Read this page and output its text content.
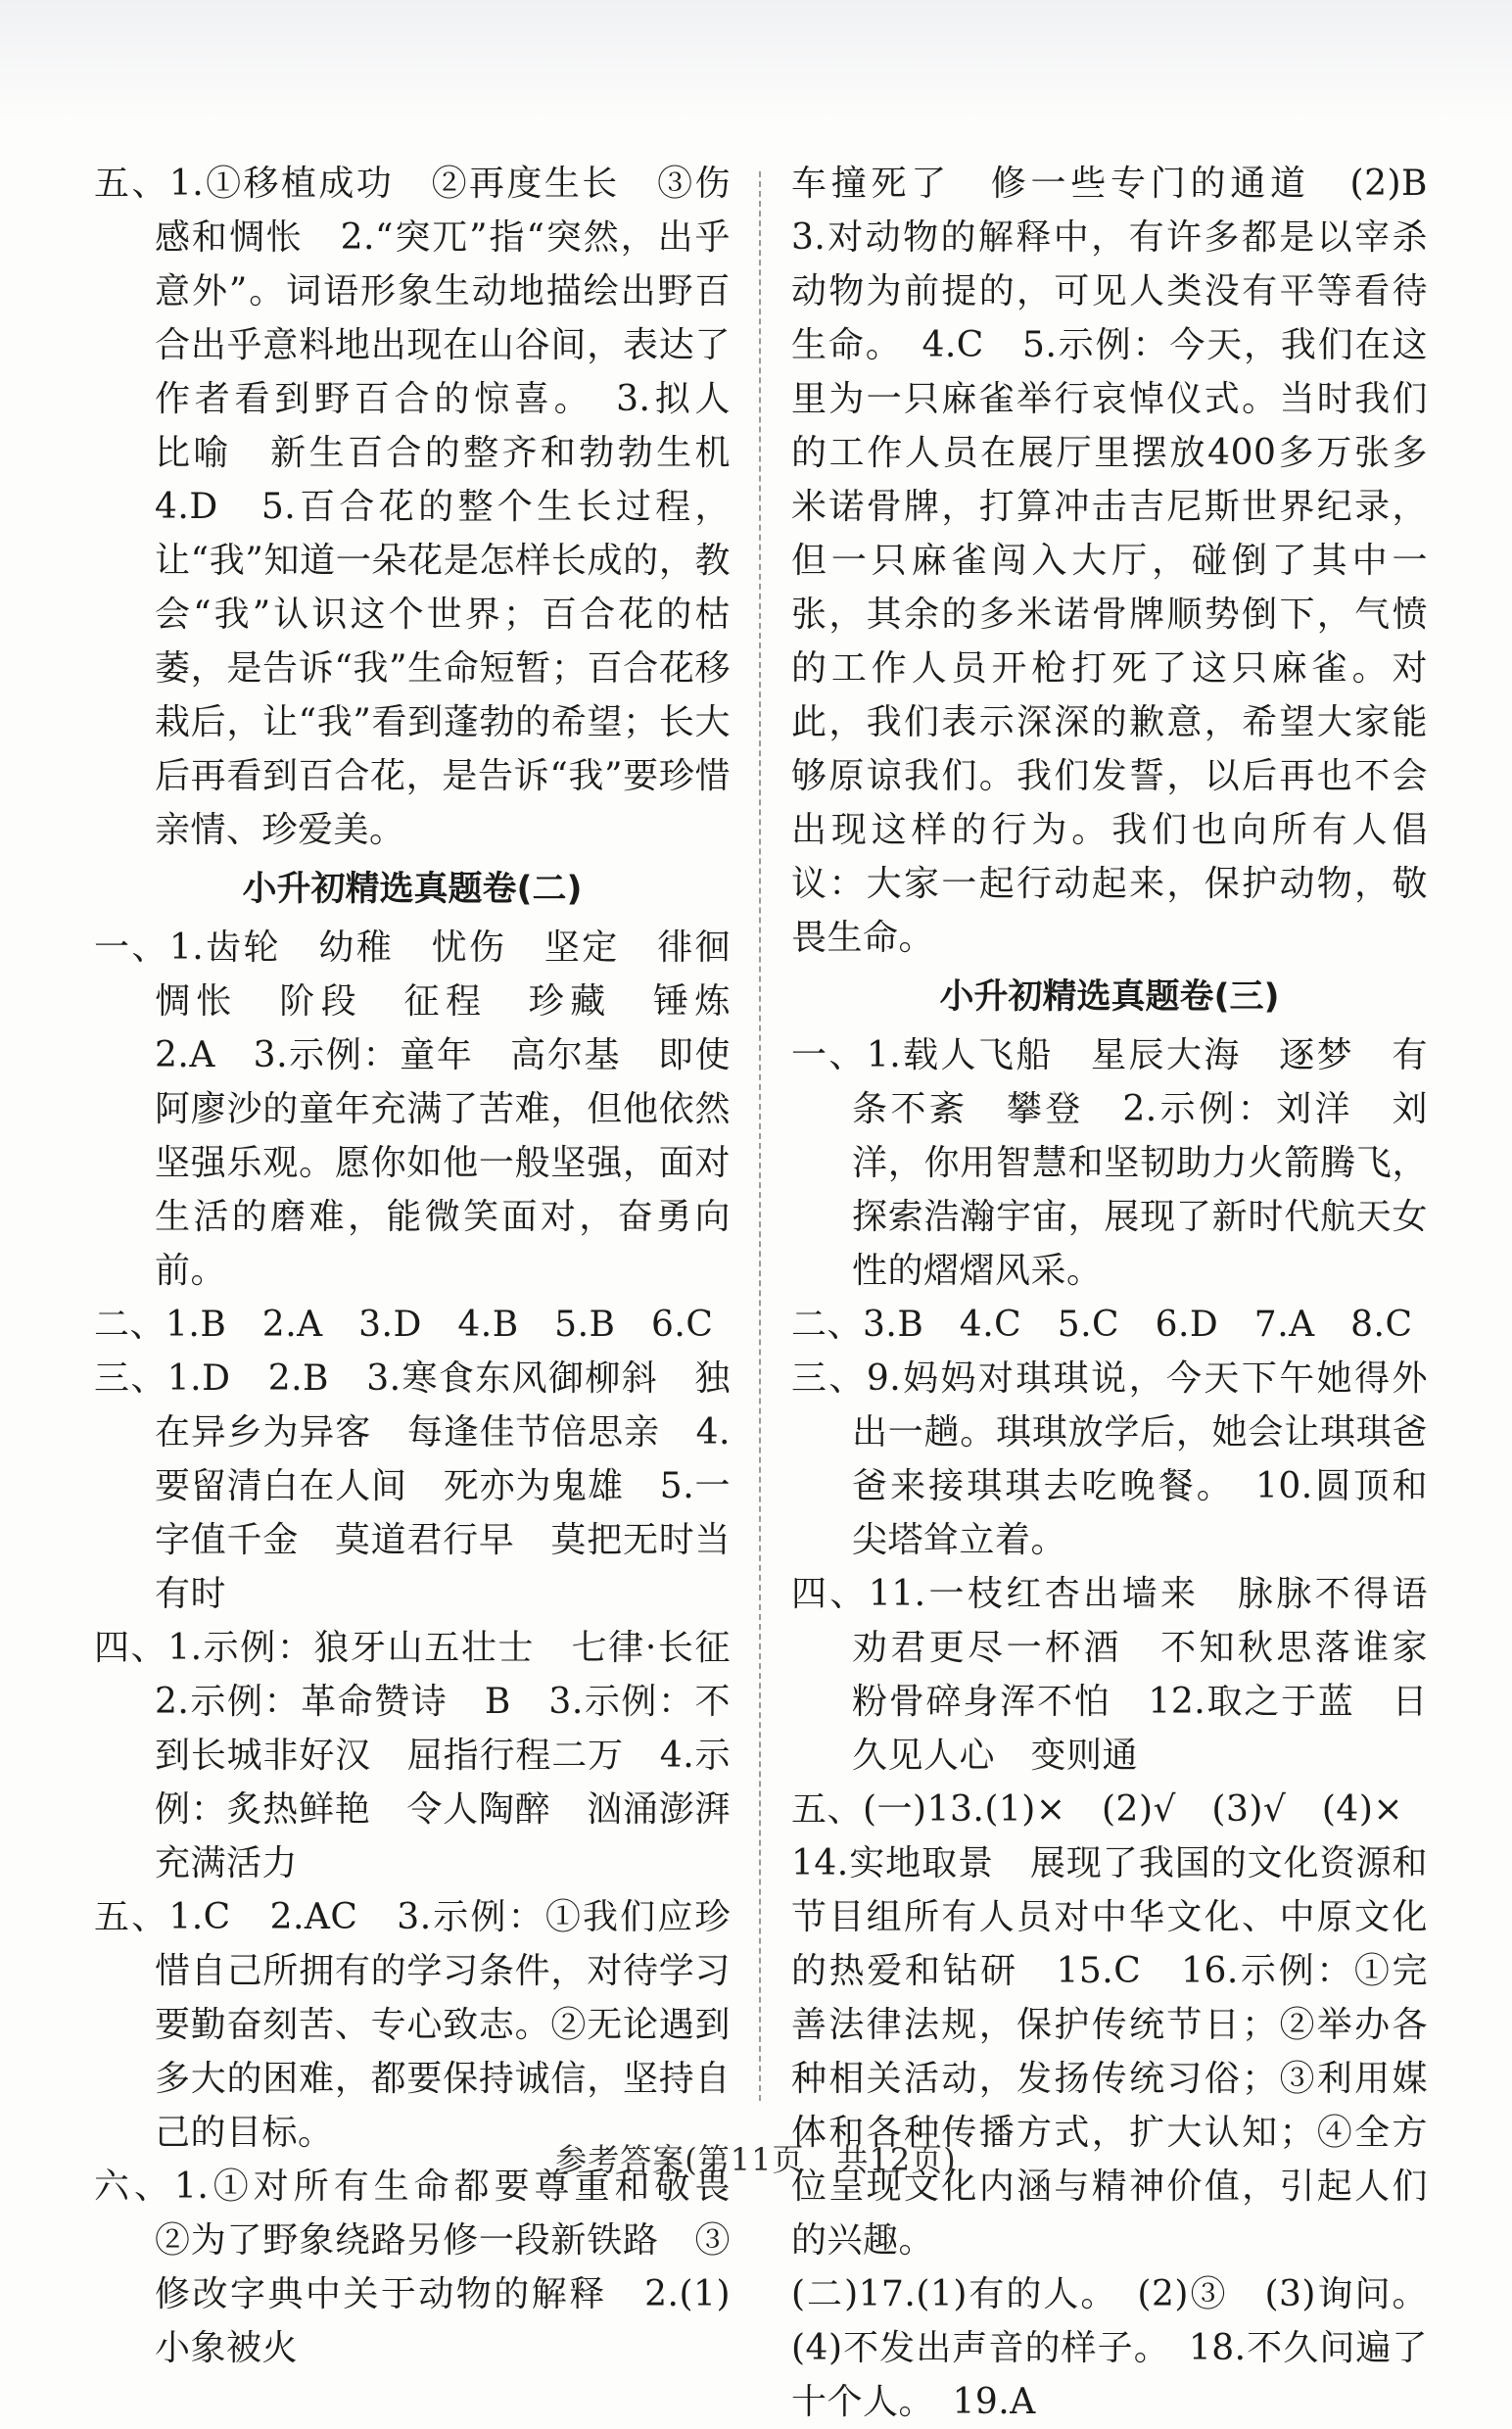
五、1.①移植成功　②再度生长　③伤感和惆怅　2.“突兀”指“突然，出乎意外”。词语形象生动地描绘出野百合出乎意料地出现在山谷间，表达了作者看到野百合的惊喜。　3.拟人　比喻　新生百合的整齐和勃勃生机　4.D　5.百合花的整个生长过程，让“我”知道一朵花是怎样长成的，教会“我”认识这个世界；百合花的枯萎，是告诉“我”生命短暂；百合花移栽后，让“我”看到蓬勃的希望；长大后再看到百合花，是告诉“我”要珍惜亲情、珍爱美。

小升初精选真题卷(二)

一、1.齿轮　幼稚　忧伤　坚定　徘徊　惆怅　阶段　征程　珍藏　锤炼　2.A　3.示例：童年　高尔基　即使阿廖沙的童年充满了苦难，但他依然坚强乐观。愿你如他一般坚强，面对生活的磨难，能微笑面对，奋勇向前。

二、1.B　2.A　3.D　4.B　5.B　6.C

三、1.D　2.B　3.寒食东风御柳斜　独在异乡为异客　每逢佳节倍思亲　4.要留清白在人间　死亦为鬼雄　5.一字值千金　莫道君行早　莫把无时当有时

四、1.示例：狼牙山五壮士　七律·长征　2.示例：革命赞诗　B　3.示例：不到长城非好汉　屈指行程二万　4.示例：炙热鲜艳　令人陶醉　汹涌澎湃　充满活力

五、1.C　2.AC　3.示例：①我们应珍惜自己所拥有的学习条件，对待学习要勤奋刻苦、专心致志。②无论遇到多大的困难，都要保持诚信，坚持自己的目标。

六、1.①对所有生命都要尊重和敬畏　②为了野象绕路另修一段新铁路　③修改字典中关于动物的解释　2.(1)小象被火

车撞死了　修一些专门的通道　(2)B　3.对动物的解释中，有许多都是以宰杀动物为前提的，可见人类没有平等看待生命。　4.C　5.示例：今天，我们在这里为一只麻雀举行哀悼仪式。当时我们的工作人员在展厅里摆放400多万张多米诺骨牌，打算冲击吉尼斯世界纪录，但一只麻雀闯入大厅，碰倒了其中一张，其余的多米诺骨牌顺势倒下，气愤的工作人员开枪打死了这只麻雀。对此，我们表示深深的歉意，希望大家能够原谅我们。我们发誓，以后再也不会出现这样的行为。我们也向所有人倡议：大家一起行动起来，保护动物，敬畏生命。

小升初精选真题卷(三)

一、1.载人飞船　星辰大海　逐梦　有条不紊　攀登　2.示例：刘洋　刘洋，你用智慧和坚韧助力火箭腾飞，探索浩瀚宇宙，展现了新时代航天女性的熠熠风采。

二、3.B　4.C　5.C　6.D　7.A　8.C

三、9.妈妈对琪琪说，今天下午她得外出一趟。琪琪放学后，她会让琪琪爸爸来接琪琪去吃晚餐。　10.圆顶和尖塔耸立着。

四、11.一枝红杏出墙来　脉脉不得语　劝君更尽一杯酒　不知秋思落谁家　粉骨碎身浑不怕　12.取之于蓝　日久见人心　变则通

五、(一)13.(1)×　(2)√　(3)√　(4)×

14.实地取景　展现了我国的文化资源和节目组所有人员对中华文化、中原文化的热爱和钻研　15.C　16.示例：①完善法律法规，保护传统节日；②举办各种相关活动，发扬传统习俗；③利用媒体和各种传播方式，扩大认知；④全方位呈现文化内涵与精神价值，引起人们的兴趣。

(二)17.(1)有的人。　(2)③　(3)询问。(4)不发出声音的样子。　18.不久问遍了十个人。　19.A

参考答案(第11页　共12页)
